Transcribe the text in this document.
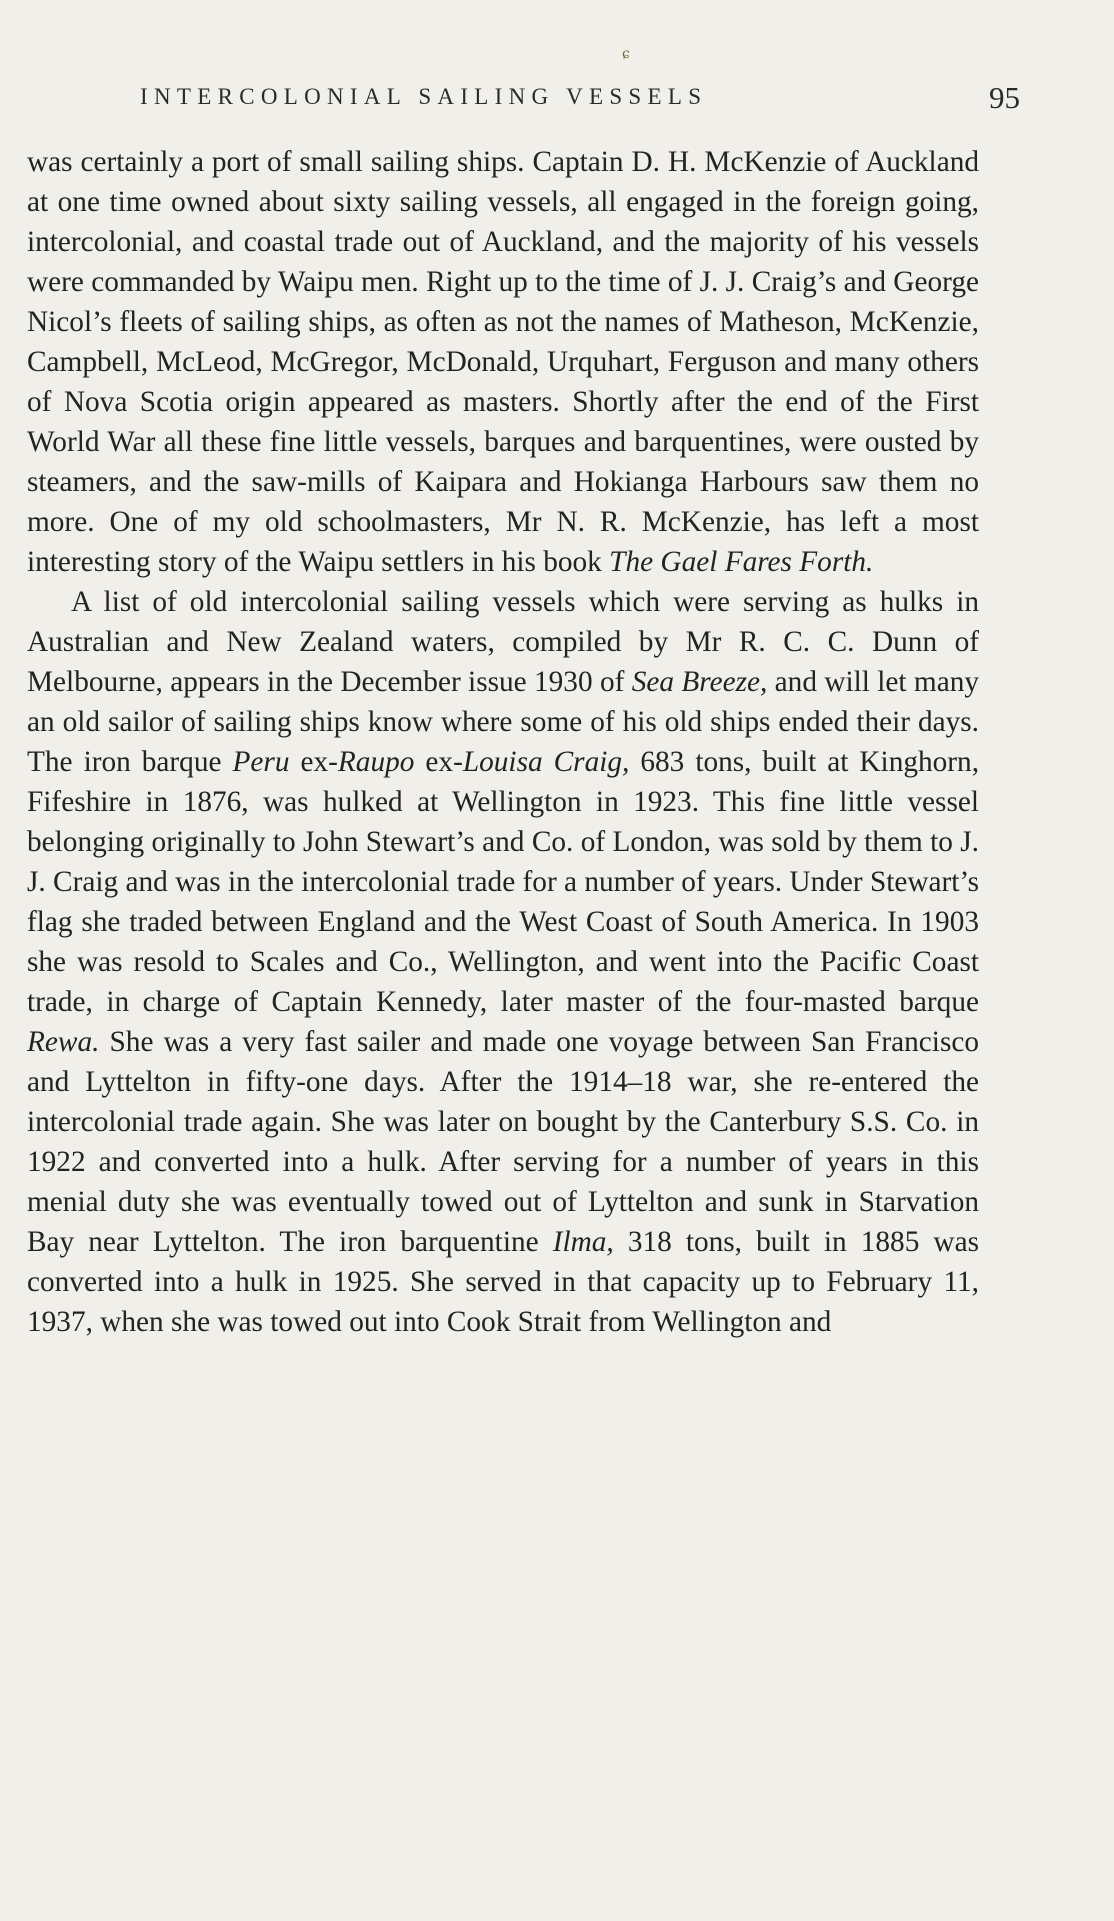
ɕ
INTERCOLONIAL SAILING VESSELS	95

was certainly a port of small sailing ships. Captain D. H. McKenzie of Auckland at one time owned about sixty sailing vessels, all engaged in the foreign going, intercolonial, and coastal trade out of Auckland, and the majority of his vessels were commanded by Waipu men. Right up to the time of J. J. Craig’s and George Nicol’s fleets of sailing ships, as often as not the names of Matheson, McKenzie, Campbell, McLeod, McGregor, McDonald, Urquhart, Ferguson and many others of Nova Scotia origin appeared as masters. Shortly after the end of the First World War all these fine little vessels, barques and barquentines, were ousted by steamers, and the saw-mills of Kaipara and Hokianga Harbours saw them no more. One of my old schoolmasters, Mr N. R. McKenzie, has left a most interesting story of the Waipu settlers in his book The Gael Fares Forth.

A list of old intercolonial sailing vessels which were serving as hulks in Australian and New Zealand waters, compiled by Mr R. C. C. Dunn of Melbourne, appears in the December issue 1930 of Sea Breeze, and will let many an old sailor of sailing ships know where some of his old ships ended their days. The iron barque Peru ex-Raupo ex-Louisa Craig, 683 tons, built at Kinghorn, Fifeshire in 1876, was hulked at Wellington in 1923. This fine little vessel belonging originally to John Stewart’s and Co. of London, was sold by them to J. J. Craig and was in the intercolonial trade for a number of years. Under Stewart’s flag she traded between England and the West Coast of South America. In 1903 she was resold to Scales and Co., Wellington, and went into the Pacific Coast trade, in charge of Captain Kennedy, later master of the four-masted barque Rewa. She was a very fast sailer and made one voyage between San Francisco and Lyttelton in fifty-one days. After the 1914–18 war, she re-entered the intercolonial trade again. She was later on bought by the Canterbury S.S. Co. in 1922 and converted into a hulk. After serving for a number of years in this menial duty she was eventually towed out of Lyttelton and sunk in Starvation Bay near Lyttelton. The iron barquentine Ilma, 318 tons, built in 1885 was converted into a hulk in 1925. She served in that capacity up to February 11, 1937, when she was towed out into Cook Strait from Wellington and
